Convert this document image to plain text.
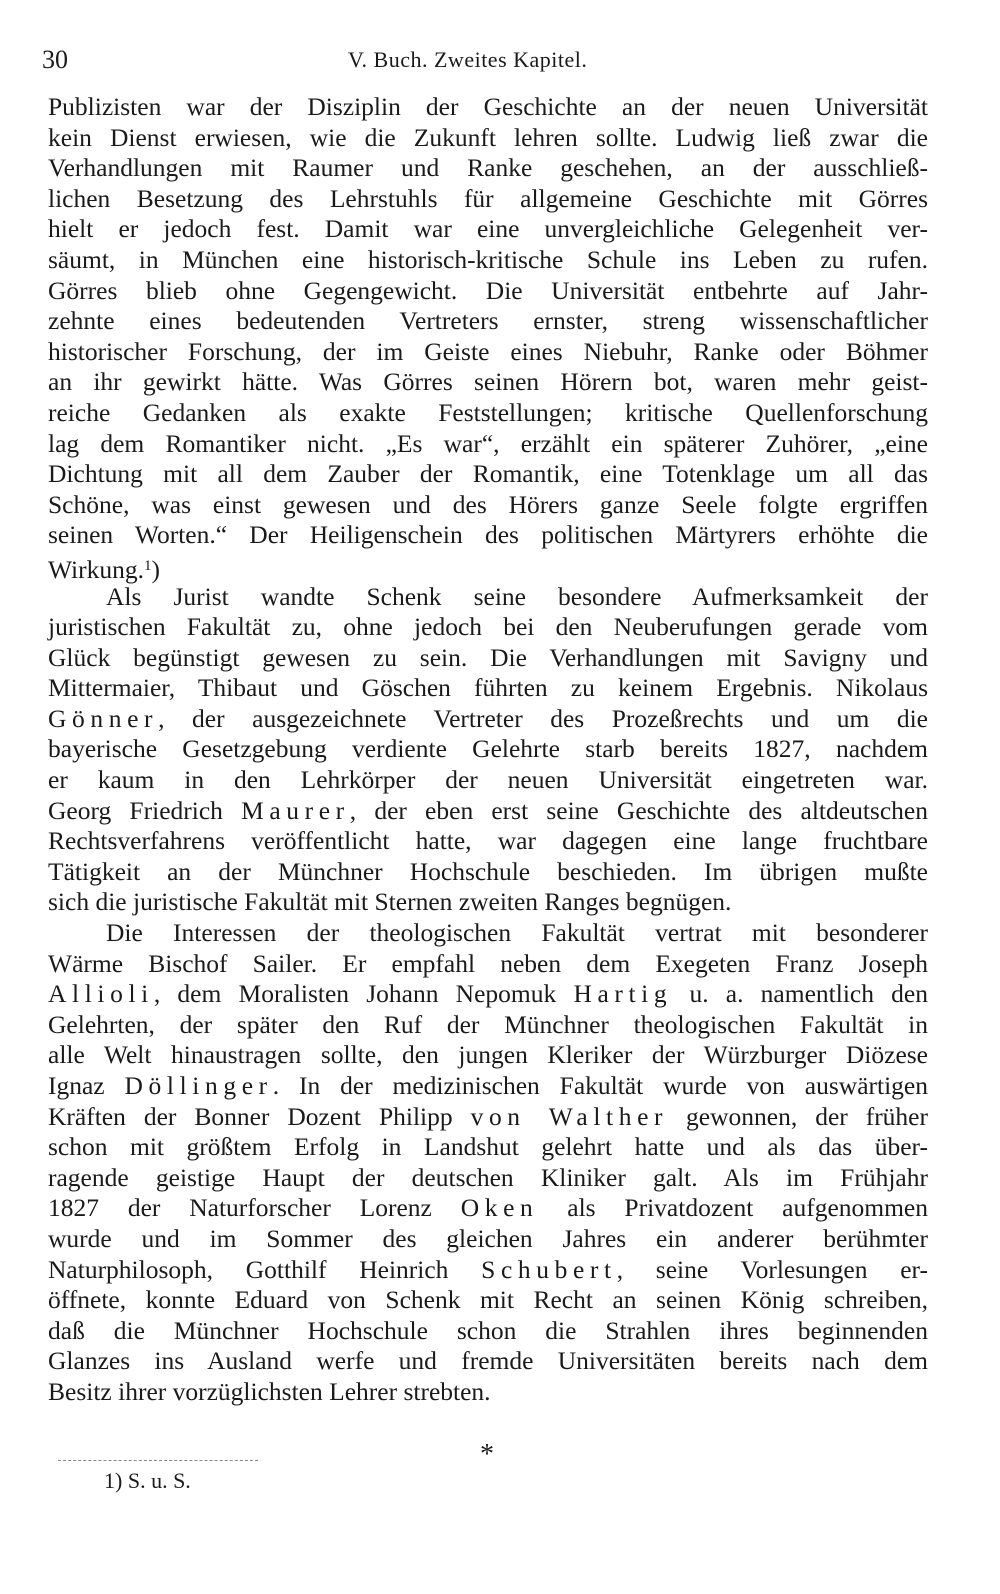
30	V. Buch. Zweites Kapitel.
Publizisten war der Disziplin der Geschichte an der neuen Universität
kein Dienst erwiesen, wie die Zukunft lehren sollte. Ludwig ließ zwar die
Verhandlungen mit Raumer und Ranke geschehen, an der ausschließ-
lichen Besetzung des Lehrstuhls für allgemeine Geschichte mit Görres
hielt er jedoch fest. Damit war eine unvergleichliche Gelegenheit ver-
säumt, in München eine historisch-kritische Schule ins Leben zu rufen.
Görres blieb ohne Gegengewicht. Die Universität entbehrte auf Jahr-
zehnte eines bedeutenden Vertreters ernster, streng wissenschaftlicher
historischer Forschung, der im Geiste eines Niebuhr, Ranke oder Böhmer
an ihr gewirkt hätte. Was Görres seinen Hörern bot, waren mehr geist-
reiche Gedanken als exakte Feststellungen; kritische Quellenforschung
lag dem Romantiker nicht. „Es war“, erzählt ein späterer Zuhörer, „eine
Dichtung mit all dem Zauber der Romantik, eine Totenklage um all das
Schöne, was einst gewesen und des Hörers ganze Seele folgte ergriffen
seinen Worten.“ Der Heiligenschein des politischen Märtyrers erhöhte die
Wirkung.$^1$)
Als Jurist wandte Schenk seine besondere Aufmerksamkeit der
juristischen Fakultät zu, ohne jedoch bei den Neuberufungen gerade vom
Glück begünstigt gewesen zu sein. Die Verhandlungen mit Savigny und
Mittermaier, Thibaut und Göschen führten zu keinem Ergebnis. Nikolaus
Gönner, der ausgezeichnete Vertreter des Prozeßrechts und um die
bayerische Gesetzgebung verdiente Gelehrte starb bereits 1827, nachdem
er kaum in den Lehrkörper der neuen Universität eingetreten war.
Georg Friedrich Maurer, der eben erst seine Geschichte des altdeutschen
Rechtsverfahrens veröffentlicht hatte, war dagegen eine lange fruchtbare
Tätigkeit an der Münchner Hochschule beschieden. Im übrigen mußte
sich die juristische Fakultät mit Sternen zweiten Ranges begnügen.
Die Interessen der theologischen Fakultät vertrat mit besonderer
Wärme Bischof Sailer. Er empfahl neben dem Exegeten Franz Joseph
Allioli, dem Moralisten Johann Nepomuk Hartig u. a. namentlich den
Gelehrten, der später den Ruf der Münchner theologischen Fakultät in
alle Welt hinaustragen sollte, den jungen Kleriker der Würzburger Diözese
Ignaz Döllinger. In der medizinischen Fakultät wurde von auswärtigen
Kräften der Bonner Dozent Philipp von Walther gewonnen, der früher
schon mit größtem Erfolg in Landshut gelehrt hatte und als das über-
ragende geistige Haupt der deutschen Kliniker galt. Als im Frühjahr
1827 der Naturforscher Lorenz Oken als Privatdozent aufgenommen
wurde und im Sommer des gleichen Jahres ein anderer berühmter
Naturphilosoph, Gotthilf Heinrich Schubert, seine Vorlesungen er-
öffnete, konnte Eduard von Schenk mit Recht an seinen König schreiben,
daß die Münchner Hochschule schon die Strahlen ihres beginnenden
Glanzes ins Ausland werfe und fremde Universitäten bereits nach dem
Besitz ihrer vorzüglichsten Lehrer strebten.
*
1) S. u. S.
